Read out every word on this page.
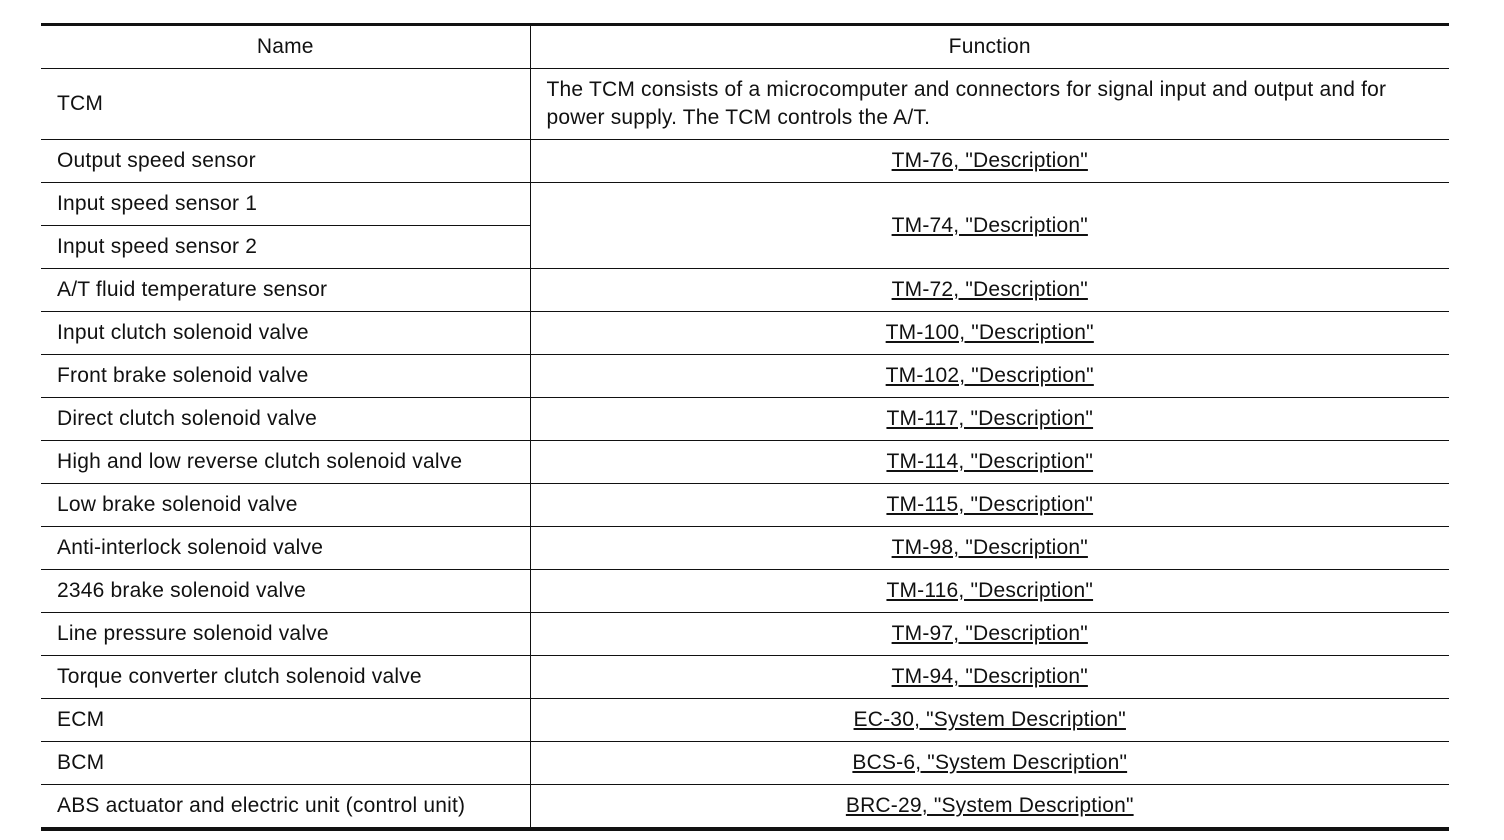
Name	Function
TCM	The TCM consists of a microcomputer and connectors for signal input and output and for power supply. The TCM controls the A/T.
Output speed sensor	TM-76, "Description"
Input speed sensor 1	TM-74, "Description"
Input speed sensor 2	
A/T fluid temperature sensor	TM-72, "Description"
Input clutch solenoid valve	TM-100, "Description"
Front brake solenoid valve	TM-102, "Description"
Direct clutch solenoid valve	TM-117, "Description"
High and low reverse clutch solenoid valve	TM-114, "Description"
Low brake solenoid valve	TM-115, "Description"
Anti-interlock solenoid valve	TM-98, "Description"
2346 brake solenoid valve	TM-116, "Description"
Line pressure solenoid valve	TM-97, "Description"
Torque converter clutch solenoid valve	TM-94, "Description"
ECM	EC-30, "System Description"
BCM	BCS-6, "System Description"
ABS actuator and electric unit (control unit)	BRC-29, "System Description"
